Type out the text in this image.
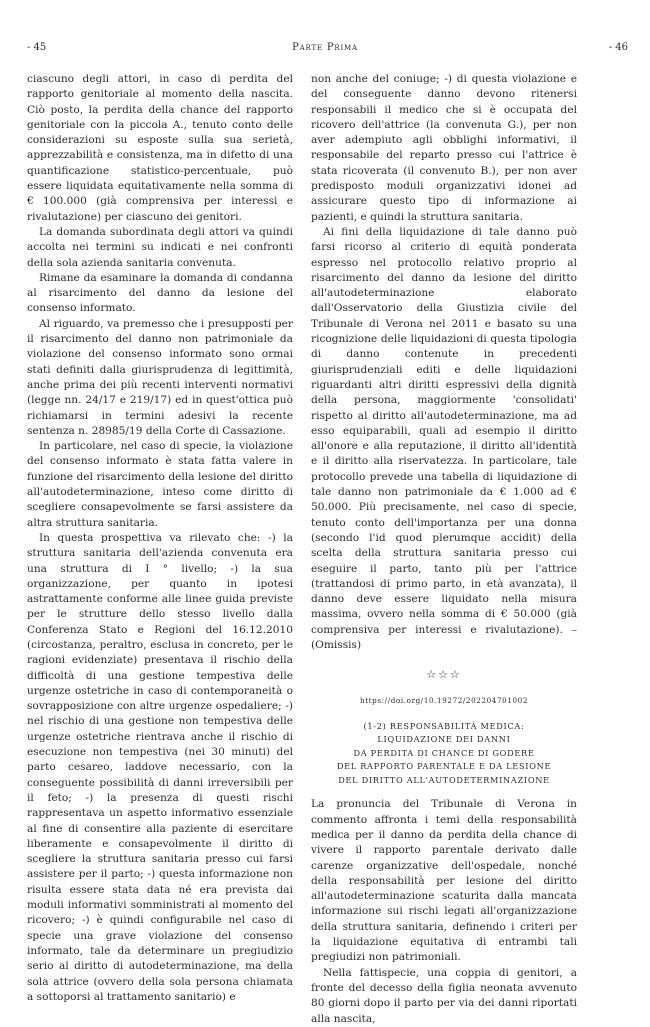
- 45	Parte Prima	- 46

ciascuno degli attori, in caso di perdita del rapporto genitoriale al momento della nascita. Ciò posto, la perdita della chance del rapporto genitoriale con la piccola A., tenuto conto delle considerazioni su esposte sulla sua serietà, apprezzabilità e consistenza, ma in difetto di una quantificazione statistico-percentuale, può essere liquidata equitativamente nella somma di € 100.000 (già comprensiva per interessi e rivalutazione) per ciascuno dei genitori.

La domanda subordinata degli attori va quindi accolta nei termini su indicati e nei confronti della sola azienda sanitaria convenuta.

Rimane da esaminare la domanda di condanna al risarcimento del danno da lesione del consenso informato.

Al riguardo, va premesso che i presupposti per il risarcimento del danno non patrimoniale da violazione del consenso informato sono ormai stati definiti dalla giurisprudenza di legittimità, anche prima dei più recenti interventi normativi (legge nn. 24/17 e 219/17) ed in quest'ottica può richiamarsi in termini adesivi la recente sentenza n. 28985/19 della Corte di Cassazione.

In particolare, nel caso di specie, la violazione del consenso informato è stata fatta valere in funzione del risarcimento della lesione del diritto all'autodeterminazione, inteso come diritto di scegliere consapevolmente se farsi assistere da altra struttura sanitaria.

In questa prospettiva va rilevato che: -) la struttura sanitaria dell'azienda convenuta era una struttura di I ° livello; -) la sua organizzazione, per quanto in ipotesi astrattamente conforme alle linee guida previste per le strutture dello stesso livello dalla Conferenza Stato e Regioni del 16.12.2010 (circostanza, peraltro, esclusa in concreto, per le ragioni evidenziate) presentava il rischio della difficoltà di una gestione tempestiva delle urgenze ostetriche in caso di contemporaneità o sovrapposizione con altre urgenze ospedaliere; -) nel rischio di una gestione non tempestiva delle urgenze ostetriche rientrava anche il rischio di esecuzione non tempestiva (nei 30 minuti) del parto cesareo, laddove necessario, con la conseguente possibilità di danni irreversibili per il feto; -) la presenza di questi rischi rappresentava un aspetto informativo essenziale al fine di consentire alla paziente di esercitare liberamente e consapevolmente il diritto di scegliere la struttura sanitaria presso cui farsi assistere per il parto; -) questa informazione non risulta essere stata data né era prevista dai moduli informativi somministrati al momento del ricovero; -) è quindi configurabile nel caso di specie una grave violazione del consenso informato, tale da determinare un pregiudizio serio al diritto di autodeterminazione, ma della sola attrice (ovvero della sola persona chiamata a sottoporsi al trattamento sanitario) e

non anche del coniuge; -) di questa violazione e del conseguente danno devono ritenersi responsabili il medico che si è occupata del ricovero dell'attrice (la convenuta G.), per non aver adempiuto agli obblighi informativi, il responsabile del reparto presso cui l'attrice è stata ricoverata (il convenuto B.), per non aver predisposto moduli organizzativi idonei ad assicurare questo tipo di informazione ai pazienti, e quindi la struttura sanitaria.

Ai fini della liquidazione di tale danno può farsi ricorso al criterio di equità ponderata espresso nel protocollo relativo proprio al risarcimento del danno da lesione del diritto all'autodeterminazione elaborato dall'Osservatorio della Giustizia civile del Tribunale di Verona nel 2011 e basato su una ricognizione delle liquidazioni di questa tipologia di danno contenute in precedenti giurisprudenziali editi e delle liquidazioni riguardanti altri diritti espressivi della dignità della persona, maggiormente 'consolidati' rispetto al diritto all'autodeterminazione, ma ad esso equiparabili, quali ad esempio il diritto all'onore e alla reputazione, il diritto all'identità e il diritto alla riservatezza. In particolare, tale protocollo prevede una tabella di liquidazione di tale danno non patrimoniale da € 1.000 ad € 50.000. Più precisamente, nel caso di specie, tenuto conto dell'importanza per una donna (secondo l'id quod plerumque accidit) della scelta della struttura sanitaria presso cui eseguire il parto, tanto più per l'attrice (trattandosi di primo parto, in età avanzata), il danno deve essere liquidato nella misura massima, ovvero nella somma di € 50.000 (già comprensiva per interessi e rivalutazione). – (Omissis)

☆☆☆
https://doi.org/10.19272/202204701002
(1-2) RESPONSABILITÀ MEDICA:
LIQUIDAZIONE DEI DANNI
DA PERDITA DI CHANCE DI GODERE
DEL RAPPORTO PARENTALE E DA LESIONE
DEL DIRITTO ALL'AUTODETERMINAZIONE

La pronuncia del Tribunale di Verona in commento affronta i temi della responsabilità medica per il danno da perdita della chance di vivere il rapporto parentale derivato dalle carenze organizzative dell'ospedale, nonché della responsabilità per lesione del diritto all'autodeterminazione scaturita dalla mancata informazione sui rischi legati all'organizzazione della struttura sanitaria, definendo i criteri per la liquidazione equitativa di entrambi tali pregiudizi non patrimoniali.

Nella fattispecie, una coppia di genitori, a fronte del decesso della figlia neonata avvenuto 80 giorni dopo il parto per via dei danni riportati alla nascita,
